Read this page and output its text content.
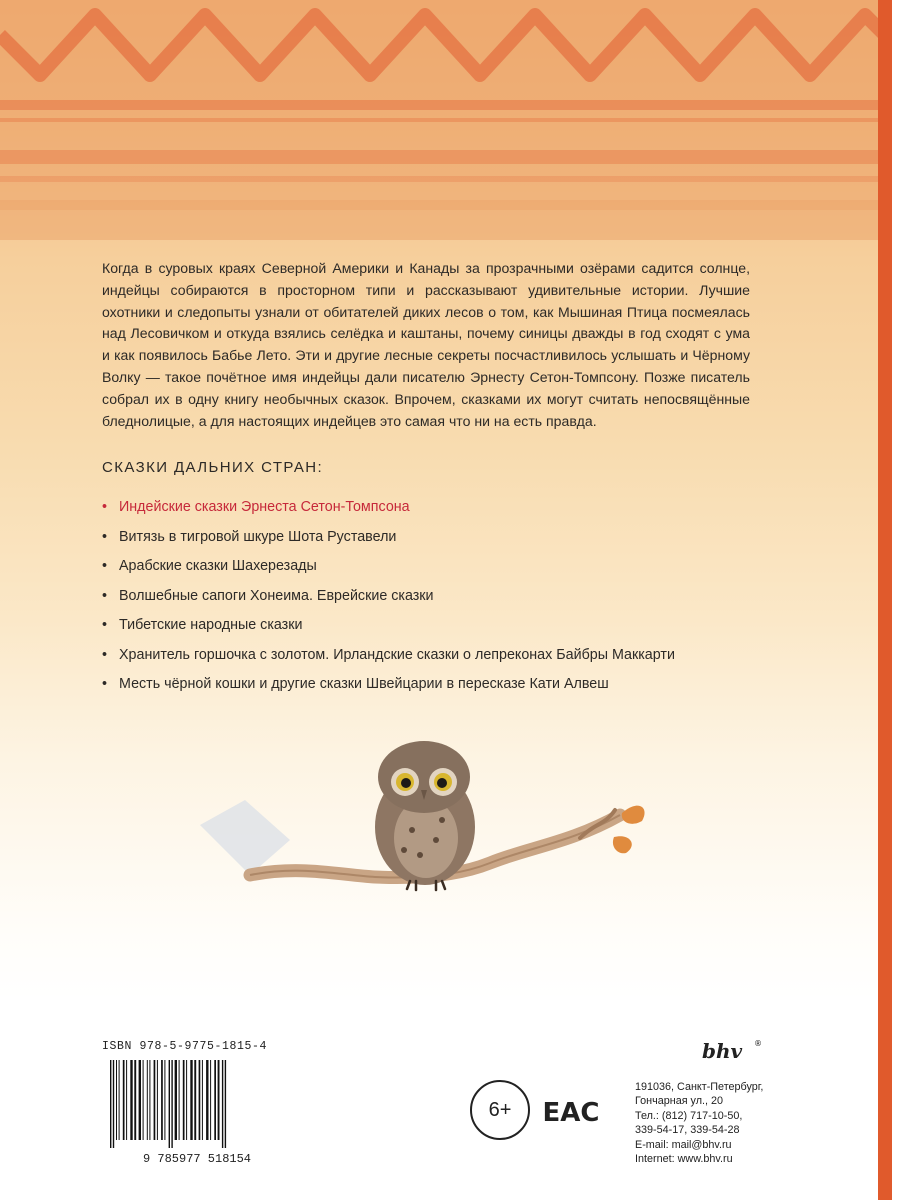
Когда в суровых краях Северной Америки и Канады за прозрачными озёрами садится солнце, индейцы собираются в просторном типи и рассказывают удивительные истории. Лучшие охотники и следопыты узнали от обитателей диких лесов о том, как Мышиная Птица посмеялась над Лесовичком и откуда взялись селёдка и каштаны, почему синицы дважды в год сходят с ума и как появилось Бабье Лето. Эти и другие лесные секреты посчастливилось услышать и Чёрному Волку — такое почётное имя индейцы дали писателю Эрнесту Сетон-Томпсону. Позже писатель собрал их в одну книгу необычных сказок. Впрочем, сказками их могут считать непосвящённые бледнолицые, а для настоящих индейцев это самая что ни на есть правда.

СКАЗКИ ДАЛЬНИХ СТРАН:
• Индейские сказки Эрнеста Сетон-Томпсона
• Витязь в тигровой шкуре Шота Руставели
• Арабские сказки Шахерезады
• Волшебные сапоги Хонеима. Еврейские сказки
• Тибетские народные сказки
• Хранитель горшочка с золотом. Ирландские сказки о лепреконах Байбры Маккарти
• Месть чёрной кошки и другие сказки Швейцарии в пересказе Кати Алвеш
ISBN 978-5-9775-1815-4
9 785977 518154
6+	EAC
bhv ®
191036, Санкт-Петербург,
Гончарная ул., 20
Тел.: (812) 717-10-50,
339-54-17, 339-54-28
E-mail: mail@bhv.ru
Internet: www.bhv.ru
